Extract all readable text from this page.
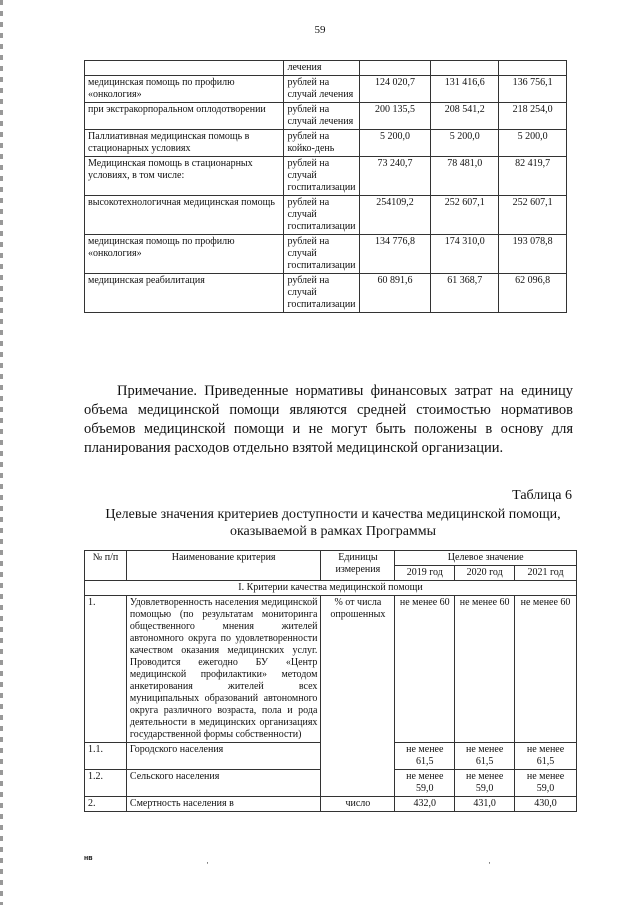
59
	лечения			
медицинская помощь по профилю «онкология»	рублей на случай лечения	124 020,7	131 416,6	136 756,1
при экстракорпоральном оплодотворении	рублей на случай лечения	200 135,5	208 541,2	218 254,0
Паллиативная медицинская помощь в стационарных условиях	рублей на койко-день	5 200,0	5 200,0	5 200,0
Медицинская помощь в стационарных условиях, в том числе:	рублей на случай госпитализации	73 240,7	78 481,0	82 419,7
высокотехнологичная медицинская помощь	рублей на случай госпитализации	254109,2	252 607,1	252 607,1
медицинская помощь по профилю «онкология»	рублей на случай госпитализации	134 776,8	174 310,0	193 078,8
медицинская реабилитация	рублей на случай госпитализации	60 891,6	61 368,7	62 096,8

Примечание. Приведенные нормативы финансовых затрат на единицу объема медицинской помощи являются средней стоимостью нормативов объемов медицинской помощи и не могут быть положены в основу для планирования расходов отдельно взятой медицинской организации.

Таблица 6
Целевые значения критериев доступности и качества медицинской помощи, оказываемой в рамках Программы
№ п/п	Наименование критерия	Единицы измерения	Целевое значение		
			2019 год	2020 год	2021 год
I. Критерии качества медицинской помощи					
1.	Удовлетворенность населения медицинской помощью (по результатам мониторинга общественного мнения жителей автономного округа по удовлетворенности качеством оказания медицинских услуг. Проводится ежегодно БУ «Центр медицинской профилактики» методом анкетирования жителей всех муниципальных образований автономного округа различного возраста, пола и рода деятельности в медицинских организациях государственной формы собственности)	% от числа опрошенных	не менее 60	не менее 60	не менее 60
1.1.	Городского населения		не менее 61,5	не менее 61,5	не менее 61,5
1.2.	Сельского населения		не менее 59,0	не менее 59,0	не менее 59,0
2.	Смертность населения в	число	432,0	431,0	430,0
нв	·	·
